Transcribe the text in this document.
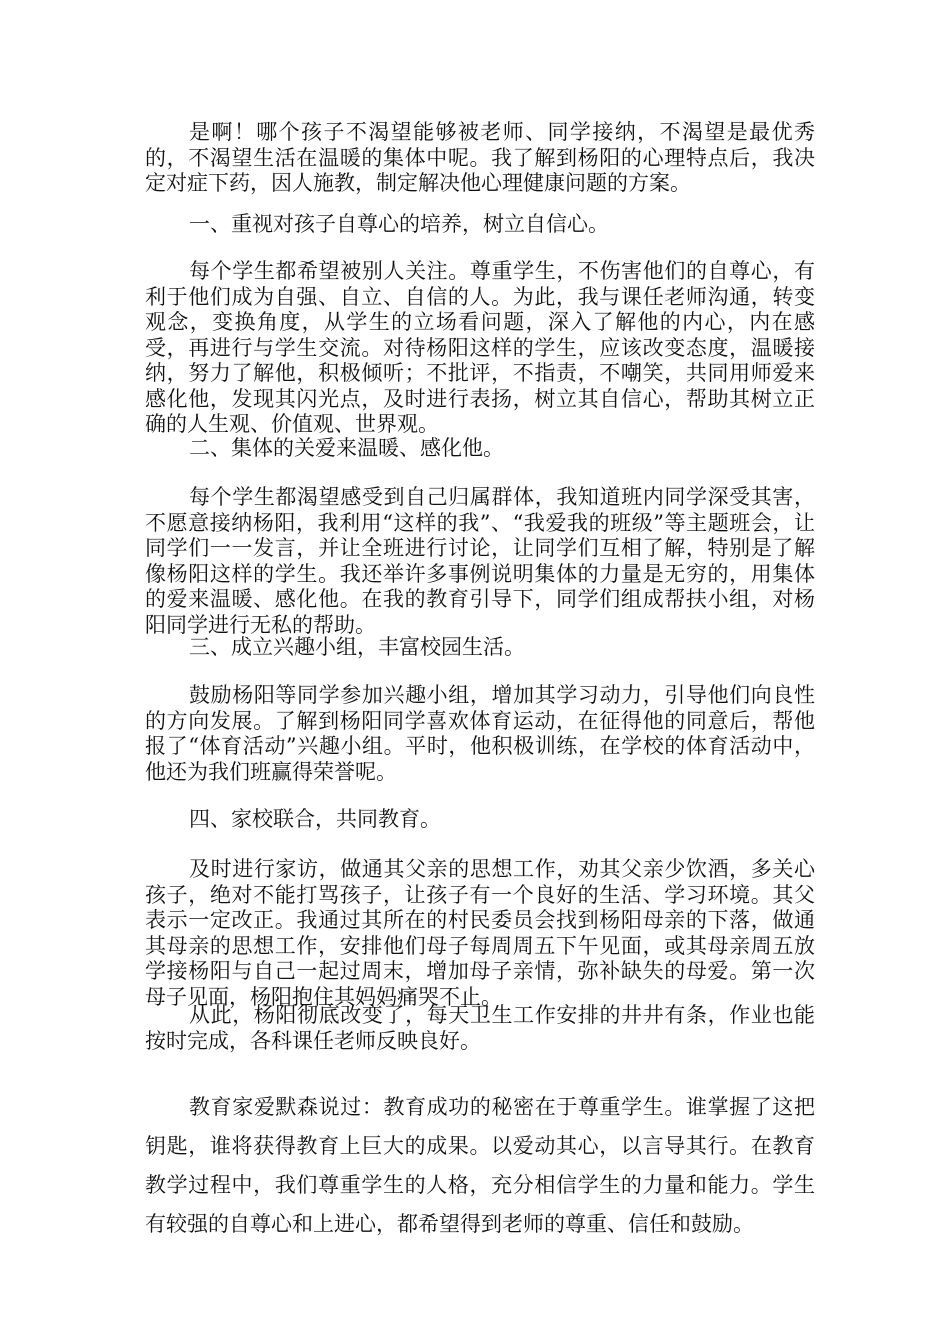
是啊！哪个孩子不渴望能够被老师、同学接纳，不渴望是最优秀的，不渴望生活在温暖的集体中呢。我了解到杨阳的心理特点后，我决定对症下药，因人施教，制定解决他心理健康问题的方案。

一、重视对孩子自尊心的培养，树立自信心。

每个学生都希望被别人关注。尊重学生，不伤害他们的自尊心，有利于他们成为自强、自立、自信的人。为此，我与课任老师沟通，转变观念，变换角度，从学生的立场看问题，深入了解他的内心，内在感受，再进行与学生交流。对待杨阳这样的学生，应该改变态度，温暖接纳，努力了解他，积极倾听；不批评，不指责，不嘲笑，共同用师爱来感化他，发现其闪光点，及时进行表扬，树立其自信心，帮助其树立正确的人生观、价值观、世界观。

二、集体的关爱来温暖、感化他。

每个学生都渴望感受到自己归属群体，我知道班内同学深受其害，不愿意接纳杨阳，我利用“这样的我”、“我爱我的班级”等主题班会，让同学们一一发言，并让全班进行讨论，让同学们互相了解，特别是了解像杨阳这样的学生。我还举许多事例说明集体的力量是无穷的，用集体的爱来温暖、感化他。在我的教育引导下，同学们组成帮扶小组，对杨阳同学进行无私的帮助。

三、成立兴趣小组，丰富校园生活。

鼓励杨阳等同学参加兴趣小组，增加其学习动力，引导他们向良性的方向发展。了解到杨阳同学喜欢体育运动，在征得他的同意后，帮他报了“体育活动”兴趣小组。平时，他积极训练，在学校的体育活动中，他还为我们班赢得荣誉呢。

四、家校联合，共同教育。

及时进行家访，做通其父亲的思想工作，劝其父亲少饮酒，多关心孩子，绝对不能打骂孩子，让孩子有一个良好的生活、学习环境。其父表示一定改正。我通过其所在的村民委员会找到杨阳母亲的下落，做通其母亲的思想工作，安排他们母子每周周五下午见面，或其母亲周五放学接杨阳与自己一起过周末，增加母子亲情，弥补缺失的母爱。第一次母子见面，杨阳抱住其妈妈痛哭不止。

从此，杨阳彻底改变了，每天卫生工作安排的井井有条，作业也能按时完成，各科课任老师反映良好。

教育家爱默森说过：教育成功的秘密在于尊重学生。谁掌握了这把钥匙，谁将获得教育上巨大的成果。以爱动其心，以言导其行。在教育教学过程中，我们尊重学生的人格，充分相信学生的力量和能力。学生有较强的自尊心和上进心，都希望得到老师的尊重、信任和鼓励。
